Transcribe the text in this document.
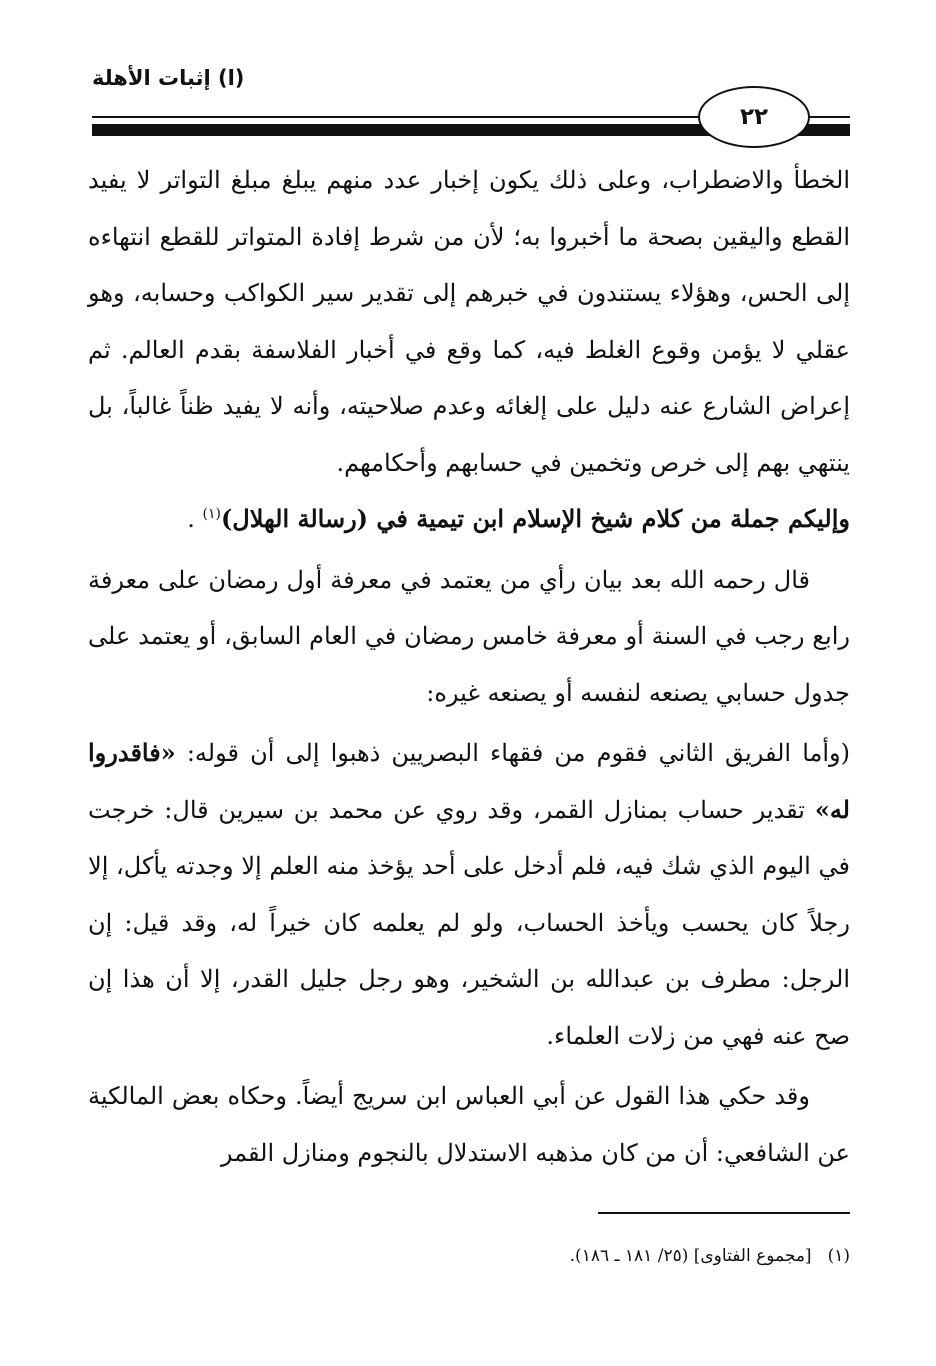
(ا) إثبات الأهلة
٢٢

الخطأ والاضطراب، وعلى ذلك يكون إخبار عدد منهم يبلغ مبلغ التواتر لا يفيد القطع واليقين بصحة ما أخبروا به؛ لأن من شرط إفادة المتواتر للقطع انتهاءه إلى الحس، وهؤلاء يستندون في خبرهم إلى تقدير سير الكواكب وحسابه، وهو عقلي لا يؤمن وقوع الغلط فيه، كما وقع في أخبار الفلاسفة بقدم العالم. ثم إعراض الشارع عنه دليل على إلغائه وعدم صلاحيته، وأنه لا يفيد ظناً غالباً، بل ينتهي بهم إلى خرص وتخمين في حسابهم وأحكامهم.

وإليكم جملة من كلام شيخ الإسلام ابن تيمية في (رسالة الهلال)$^{(١)}$ .

قال رحمه الله بعد بيان رأي من يعتمد في معرفة أول رمضان على معرفة رابع رجب في السنة أو معرفة خامس رمضان في العام السابق، أو يعتمد على جدول حسابي يصنعه لنفسه أو يصنعه غيره:

(وأما الفريق الثاني فقوم من فقهاء البصريين ذهبوا إلى أن قوله: «فاقدروا له» تقدير حساب بمنازل القمر، وقد روي عن محمد بن سيرين قال: خرجت في اليوم الذي شك فيه، فلم أدخل على أحد يؤخذ منه العلم إلا وجدته يأكل، إلا رجلاً كان يحسب ويأخذ الحساب، ولو لم يعلمه كان خيراً له، وقد قيل: إن الرجل: مطرف بن عبدالله بن الشخير، وهو رجل جليل القدر، إلا أن هذا إن صح عنه فهي من زلات العلماء.

وقد حكي هذا القول عن أبي العباس ابن سريج أيضاً. وحكاه بعض المالكية عن الشافعي: أن من كان مذهبه الاستدلال بالنجوم ومنازل القمر

(١)[مجموع الفتاوى] (٢٥/ ١٨١ ـ ١٨٦).
